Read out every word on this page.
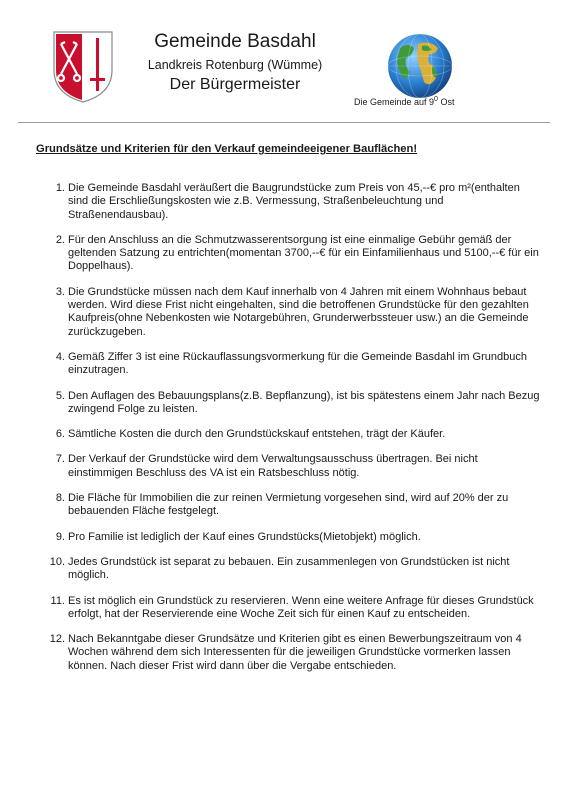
Gemeinde Basdahl

Landkreis Rotenburg (Wümme)

Der Bürgermeister

Die Gemeinde auf $9^0$ Ost

Grundsätze und Kriterien für den Verkauf gemeindeeigener Bauflächen!

1. Die Gemeinde Basdahl veräußert die Baugrundstücke zum Preis von 45,--€ pro m²(enthalten sind die Erschließungskosten wie z.B. Vermessung, Straßenbeleuchtung und Straßenendausbau).
2. Für den Anschluss an die Schmutzwasserentsorgung ist eine einmalige Gebühr gemäß der geltenden Satzung zu entrichten(momentan 3700,--€ für ein Einfamilienhaus und 5100,--€ für ein Doppelhaus).
3. Die Grundstücke müssen nach dem Kauf innerhalb von 4 Jahren mit einem Wohnhaus bebaut werden. Wird diese Frist nicht eingehalten, sind die betroffenen Grundstücke für den gezahlten Kaufpreis(ohne Nebenkosten wie Notargebühren, Grunderwerbssteuer usw.) an die Gemeinde zurückzugeben.
4. Gemäß Ziffer 3 ist eine Rückauflassungsvormerkung für die Gemeinde Basdahl im Grundbuch einzutragen.
5. Den Auflagen des Bebauungsplans(z.B. Bepflanzung), ist bis spätestens einem Jahr nach Bezug zwingend Folge zu leisten.
6. Sämtliche Kosten die durch den Grundstückskauf entstehen, trägt der Käufer.
7. Der Verkauf der Grundstücke wird dem Verwaltungsausschuss übertragen. Bei nicht einstimmigen Beschluss des VA ist ein Ratsbeschluss nötig.
8. Die Fläche für Immobilien die zur reinen Vermietung vorgesehen sind, wird auf 20% der zu bebauenden Fläche festgelegt.
9. Pro Familie ist lediglich der Kauf eines Grundstücks(Mietobjekt) möglich.
10. Jedes Grundstück ist separat zu bebauen. Ein zusammenlegen von Grundstücken ist nicht möglich.
11. Es ist möglich ein Grundstück zu reservieren. Wenn eine weitere Anfrage für dieses Grundstück erfolgt, hat der Reservierende eine Woche Zeit sich für einen Kauf zu entscheiden.
12. Nach Bekanntgabe dieser Grundsätze und Kriterien gibt es einen Bewerbungszeitraum von 4 Wochen während dem sich Interessenten für die jeweiligen Grundstücke vormerken lassen können. Nach dieser Frist wird dann über die Vergabe entschieden.
